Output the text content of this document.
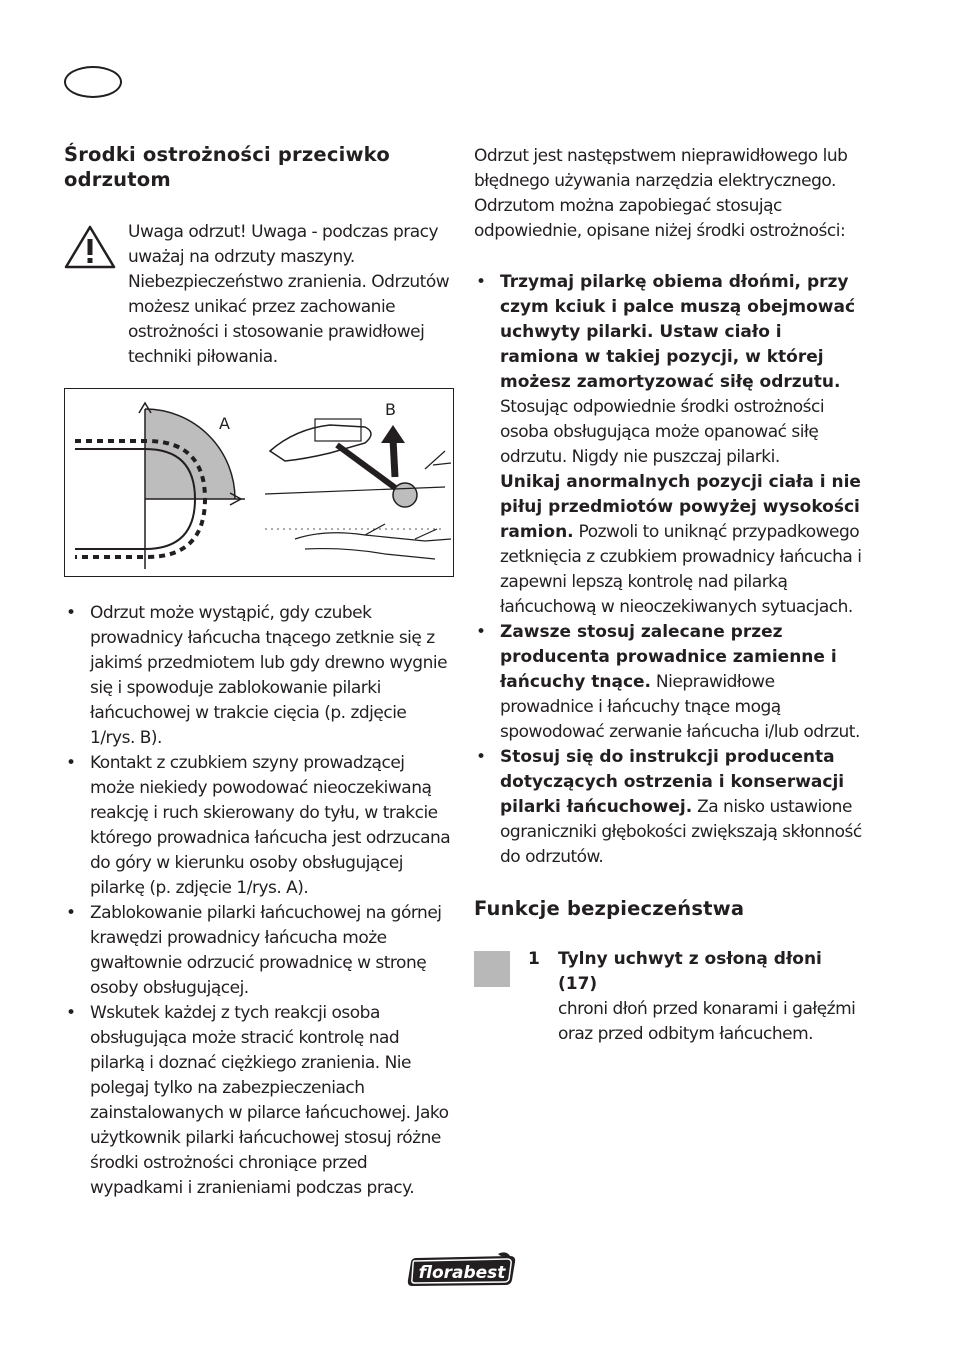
Środki ostrożności przeciwko odrzutom
Uwaga odrzut! Uwaga - podczas pracy uważaj na odrzuty maszyny. Niebezpieczeństwo zranienia. Odrzutów możesz unikać przez zachowanie ostrożności i stosowanie prawidłowej techniki piłowania.
A
B
• Odrzut może wystąpić, gdy czubek prowadnicy łańcucha tnącego zetknie się z jakimś przedmiotem lub gdy drewno wygnie się i spowoduje zablokowanie pilarki łańcuchowej w trakcie cięcia (p. zdjęcie 1/rys. B).
• Kontakt z czubkiem szyny prowadzącej może niekiedy powodować nieoczekiwaną reakcję i ruch skierowany do tyłu, w trakcie którego prowadnica łańcucha jest odrzucana do góry w kierunku osoby obsługującej pilarkę (p. zdjęcie 1/rys. A).
• Zablokowanie pilarki łańcuchowej na górnej krawędzi prowadnicy łańcucha może gwałtownie odrzucić prowadnicę w stronę osoby obsługującej.
• Wskutek każdej z tych reakcji osoba obsługująca może stracić kontrolę nad pilarką i doznać ciężkiego zranienia. Nie polegaj tylko na zabezpieczeniach zainstalowanych w pilarce łańcuchowej. Jako użytkownik pilarki łańcuchowej stosuj różne środki ostrożności chroniące przed wypadkami i zranieniami podczas pracy.

Odrzut jest następstwem nieprawidłowego lub błędnego używania narzędzia elektrycznego. Odrzutom można zapobiegać stosując odpowiednie, opisane niżej środki ostrożności:

• Trzymaj pilarkę obiema dłońmi, przy czym kciuk i palce muszą obejmować uchwyty pilarki. Ustaw ciało i ramiona w takiej pozycji, w której możesz zamortyzować siłę odrzutu. Stosując odpowiednie środki ostrożności osoba obsługująca może opanować siłę odrzutu. Nigdy nie puszczaj pilarki.
Unikaj anormalnych pozycji ciała i nie piłuj przedmiotów powyżej wysokości ramion. Pozwoli to uniknąć przypadkowego zetknięcia z czubkiem prowadnicy łańcucha i zapewni lepszą kontrolę nad pilarką łańcuchową w nieoczekiwanych sytuacjach.
• Zawsze stosuj zalecane przez producenta prowadnice zamienne i łańcuchy tnące. Nieprawidłowe prowadnice i łańcuchy tnące mogą spowodować zerwanie łańcucha i/lub odrzut.
• Stosuj się do instrukcji producenta dotyczących ostrzenia i konserwacji pilarki łańcuchowej. Za nisko ustawione ograniczniki głębokości zwiększają skłonność do odrzutów.
Funkcje bezpieczeństwa
1 Tylny uchwyt z osłoną dłoni (17)
chroni dłoń przed konarami i gałęźmi oraz przed odbitym łańcuchem.
florabest
